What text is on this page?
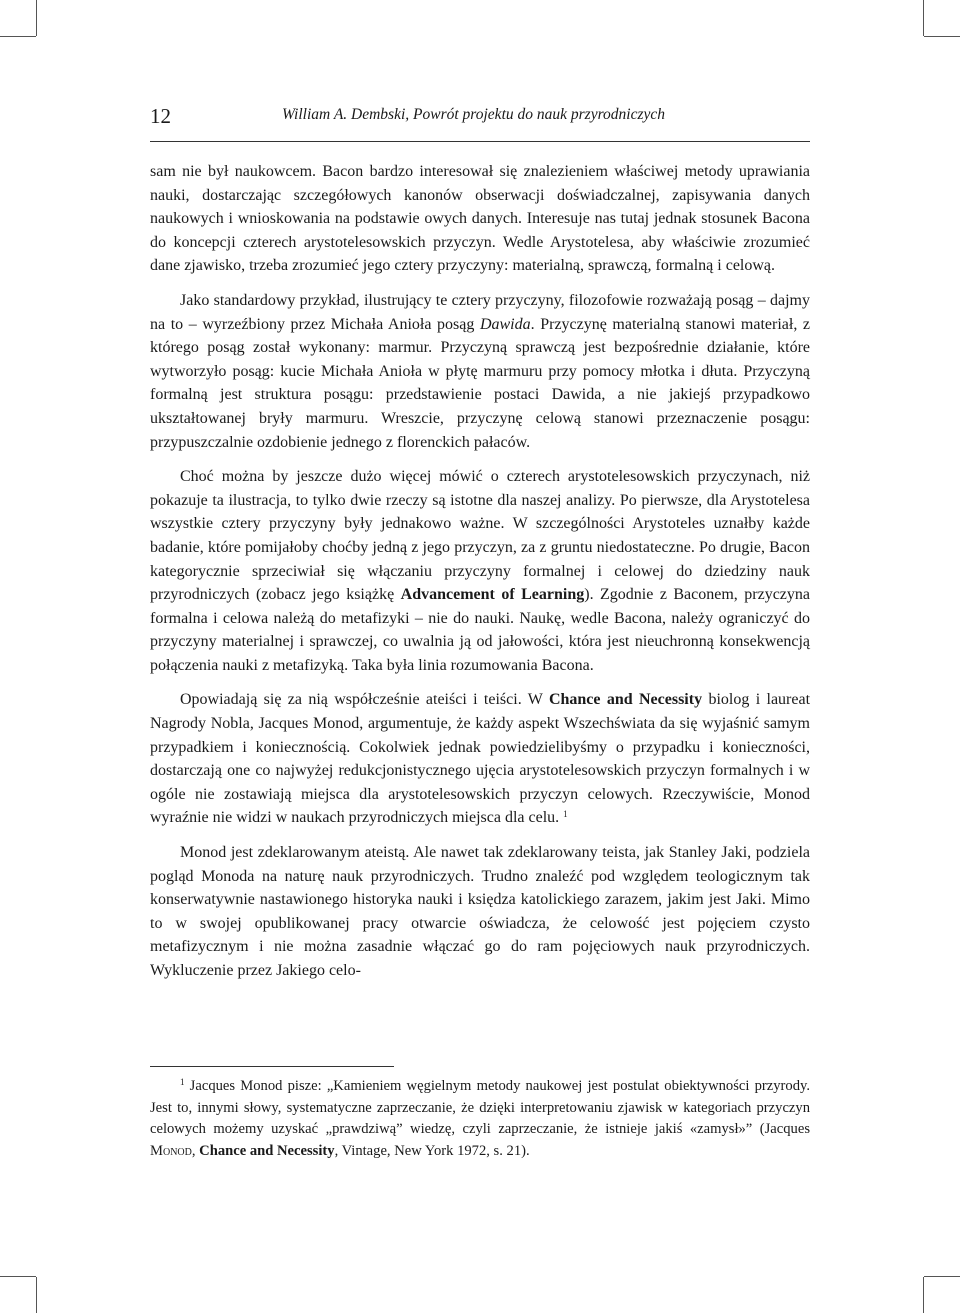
12	William A. Dembski, Powrót projektu do nauk przyrodniczych

sam nie był naukowcem. Bacon bardzo interesował się znalezieniem właściwej metody uprawiania nauki, dostarczając szczegółowych kanonów obserwacji doświadczalnej, zapisywania danych naukowych i wnioskowania na podstawie owych danych. Interesuje nas tutaj jednak stosunek Bacona do koncepcji czterech arystotelesowskich przyczyn. Wedle Arystotelesa, aby właściwie zrozumieć dane zjawisko, trzeba zrozumieć jego cztery przyczyny: materialną, sprawczą, formalną i celową.

Jako standardowy przykład, ilustrujący te cztery przyczyny, filozofowie rozważają posąg – dajmy na to – wyrzeźbiony przez Michała Anioła posąg Dawida. Przyczynę materialną stanowi materiał, z którego posąg został wykonany: marmur. Przyczyną sprawczą jest bezpośrednie działanie, które wytworzyło posąg: kucie Michała Anioła w płytę marmuru przy pomocy młotka i dłuta. Przyczyną formalną jest struktura posągu: przedstawienie postaci Dawida, a nie jakiejś przypadkowo ukształtowanej bryły marmuru. Wreszcie, przyczynę celową stanowi przeznaczenie posągu: przypuszczalnie ozdobienie jednego z florenckich pałaców.

Choć można by jeszcze dużo więcej mówić o czterech arystotelesowskich przyczynach, niż pokazuje ta ilustracja, to tylko dwie rzeczy są istotne dla naszej analizy. Po pierwsze, dla Arystotelesa wszystkie cztery przyczyny były jednakowo ważne. W szczególności Arystoteles uznałby każde badanie, które pomijałoby choćby jedną z jego przyczyn, za z gruntu niedostateczne. Po drugie, Bacon kategorycznie sprzeciwiał się włączaniu przyczyny formalnej i celowej do dziedziny nauk przyrodniczych (zobacz jego książkę Advancement of Learning). Zgodnie z Baconem, przyczyna formalna i celowa należą do metafizyki – nie do nauki. Naukę, wedle Bacona, należy ograniczyć do przyczyny materialnej i sprawczej, co uwalnia ją od jałowości, która jest nieuchronną konsekwencją połączenia nauki z metafizyką. Taka była linia rozumowania Bacona.

Opowiadają się za nią współcześnie ateiści i teiści. W Chance and Necessity biolog i laureat Nagrody Nobla, Jacques Monod, argumentuje, że każdy aspekt Wszechświata da się wyjaśnić samym przypadkiem i koniecznością. Cokolwiek jednak powiedzielibyśmy o przypadku i konieczności, dostarczają one co najwyżej redukcjonistycznego ujęcia arystotelesowskich przyczyn formalnych i w ogóle nie zostawiają miejsca dla arystotelesowskich przyczyn celowych. Rzeczywiście, Monod wyraźnie nie widzi w naukach przyrodniczych miejsca dla celu. $^1$

Monod jest zdeklarowanym ateistą. Ale nawet tak zdeklarowany teista, jak Stanley Jaki, podziela pogląd Monoda na naturę nauk przyrodniczych. Trudno znaleźć pod względem teologicznym tak konserwatywnie nastawionego historyka nauki i księdza katolickiego zarazem, jakim jest Jaki. Mimo to w swojej opublikowanej pracy otwarcie oświadcza, że celowość jest pojęciem czysto metafizycznym i nie można zasadnie włączać go do ram pojęciowych nauk przyrodniczych. Wykluczenie przez Jakiego celo-

$^1$ Jacques Monod pisze: „Kamieniem węgielnym metody naukowej jest postulat obiektywności przyrody. Jest to, innymi słowy, systematyczne zaprzeczanie, że dzięki interpretowaniu zjawisk w kategoriach przyczyn celowych możemy uzyskać „prawdziwą” wiedzę, czyli zaprzeczanie, że istnieje jakiś «zamysł»” (Jacques Monod, Chance and Necessity, Vintage, New York 1972, s. 21).
